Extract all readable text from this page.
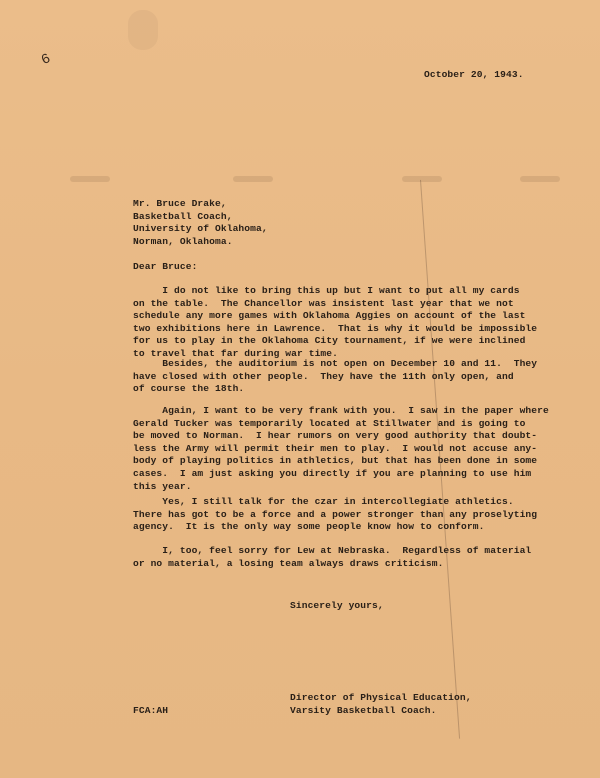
6
October 20, 1943.
Mr. Bruce Drake,
Basketball Coach,
University of Oklahoma,
Norman, Oklahoma.
Dear Bruce:
I do not like to bring this up but I want to put all my cards
on the table.  The Chancellor was insistent last year that we not
schedule any more games with Oklahoma Aggies on account of the last
two exhibitions here in Lawrence.  That is why it would be impossible
for us to play in the Oklahoma City tournament, if we were inclined
to travel that far during war time.
Besides, the auditorium is not open on December 10 and 11.  They
have closed with other people.  They have the 11th only open, and
of course the 18th.
Again, I want to be very frank with you.  I saw in the paper where
Gerald Tucker was temporarily located at Stillwater and is going to
be moved to Norman.  I hear rumors on very good authority that doubt-
less the Army will permit their men to play.  I would not accuse any-
body of playing politics in athletics, but that has been done in some
cases.  I am just asking you directly if you are planning to use him
this year.
Yes, I still talk for the czar in intercollegiate athletics.
There has got to be a force and a power stronger than any proselyting
agency.  It is the only way some people know how to conform.
I, too, feel sorry for Lew at Nebraska.  Regardless of material
or no material, a losing team always draws criticism.
Sincerely yours,
Director of Physical Education,
Varsity Basketball Coach.
FCA:AH
